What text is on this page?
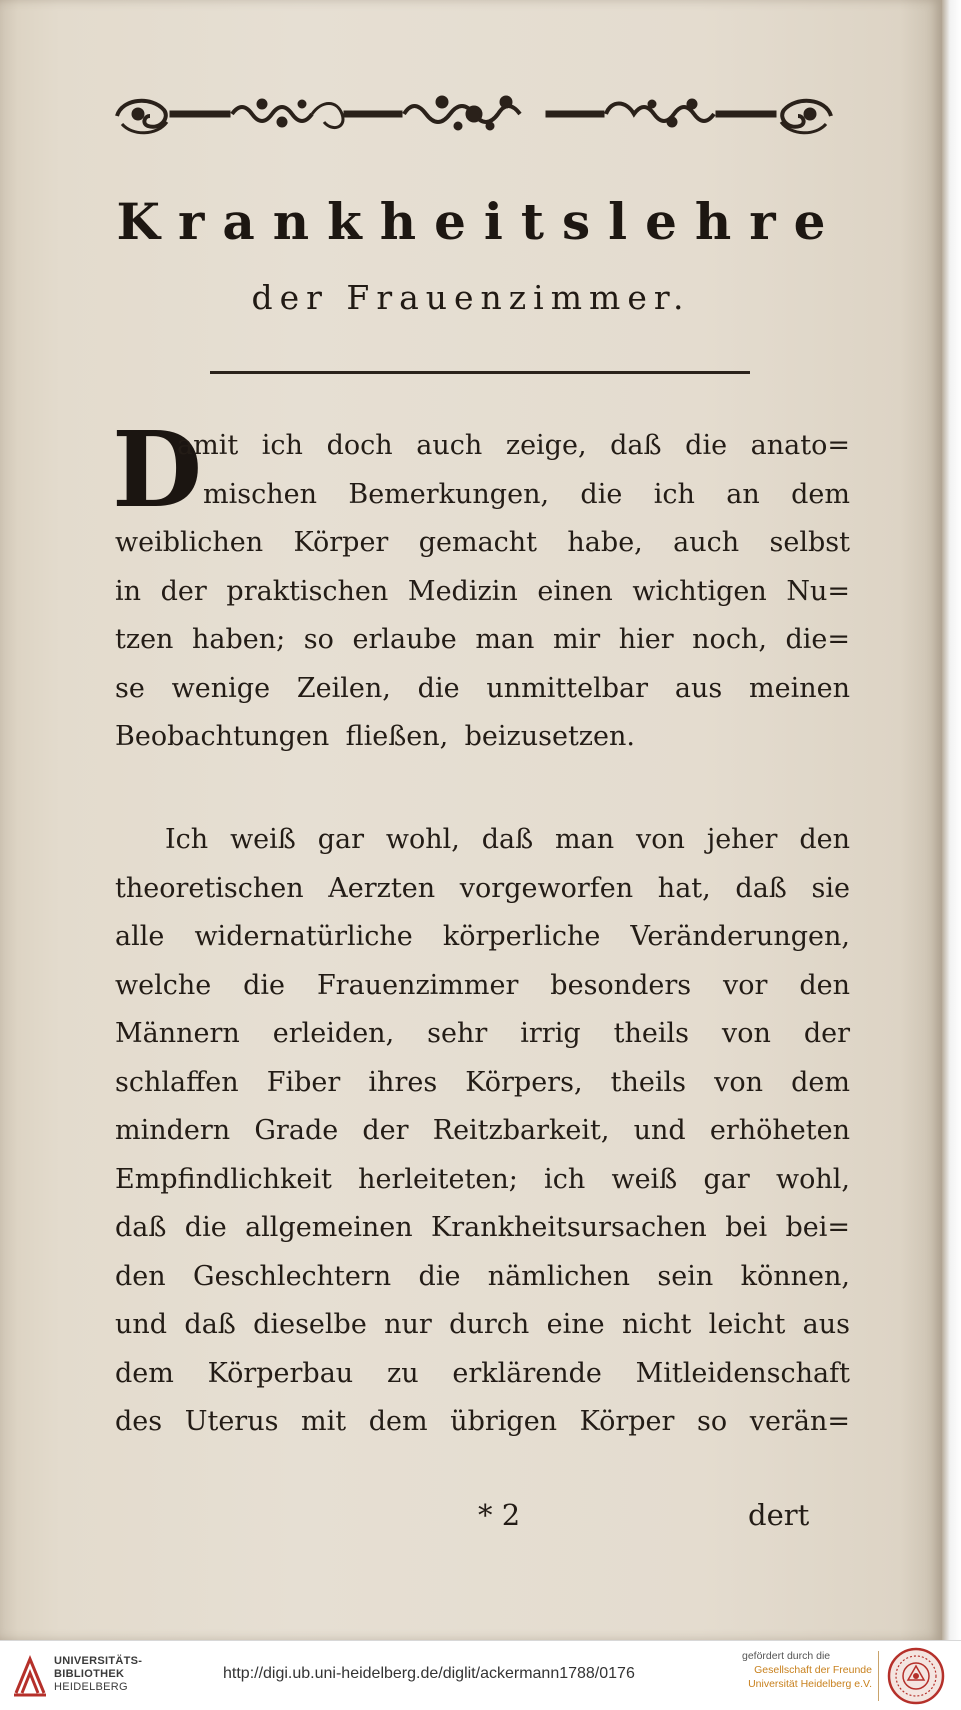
Krankheitslehre
der Frauenzimmer.
D
amit ich doch auch zeige, daß die anato=
mischen Bemerkungen, die ich an dem
weiblichen Körper gemacht habe, auch selbst
in der praktischen Medizin einen wichtigen Nu=
tzen haben; so erlaube man mir hier noch, die=
se wenige Zeilen, die unmittelbar aus meinen
Beobachtungen fließen, beizusetzen.
Ich weiß gar wohl, daß man von jeher den
theoretischen Aerzten vorgeworfen hat, daß sie
alle widernatürliche körperliche Veränderungen,
welche die Frauenzimmer besonders vor den
Männern erleiden, sehr irrig theils von der
schlaffen Fiber ihres Körpers, theils von dem
mindern Grade der Reitzbarkeit, und erhöheten
Empfindlichkeit herleiteten; ich weiß gar wohl,
daß die allgemeinen Krankheitsursachen bei bei=
den Geschlechtern die nämlichen sein können,
und daß dieselbe nur durch eine nicht leicht aus
dem Körperbau zu erklärende Mitleidenschaft
des Uterus mit dem übrigen Körper so verän=
* 2	dert
UNIVERSITÄTS-
BIBLIOTHEK
HEIDELBERG
http://digi.ub.uni-heidelberg.de/diglit/ackermann1788/0176
gefördert durch die
Gesellschaft der Freunde
Universität Heidelberg e.V.
